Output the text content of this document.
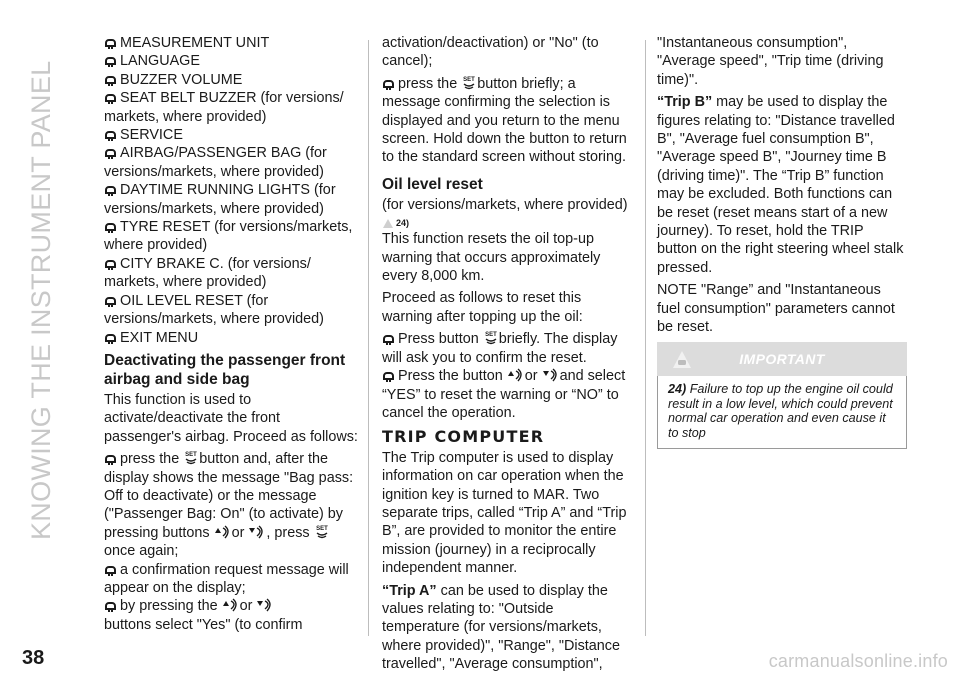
KNOWING THE INSTRUMENT PANEL
MEASUREMENT UNIT
LANGUAGE
BUZZER VOLUME
SEAT BELT BUZZER (for versions/ markets, where provided)
SERVICE
AIRBAG/PASSENGER BAG (for versions/markets, where provided)
DAYTIME RUNNING LIGHTS (for versions/markets, where provided)
TYRE RESET (for versions/markets, where provided)
CITY BRAKE C. (for versions/ markets, where provided)
OIL LEVEL RESET (for versions/markets, where provided)
EXIT MENU
Deactivating the passenger front airbag and side bag

This function is used to activate/deactivate the front passenger's airbag. Proceed as follows:

press the SET button and, after the display shows the message "Bag pass: Off to deactivate) or the message ("Passenger Bag: On" (to activate) by pressing buttons or , press SET
once again;
a confirmation request message will appear on the display;
by pressing the or
buttons select "Yes" (to confirm

activation/deactivation) or "No" (to cancel);

press the SET button briefly; a message confirming the selection is displayed and you return to the menu screen. Hold down the button to return to the standard screen without storing.
Oil level reset

(for versions/markets, where provided)

$^{24)}$

This function resets the oil top-up warning that occurs approximately every 8,000 km.

Proceed as follows to reset this warning after topping up the oil:

Press button SET briefly. The display will ask you to confirm the reset.
Press the button or and select “YES” to reset the warning or “NO” to cancel the operation.
TRIP COMPUTER

The Trip computer is used to display information on car operation when the ignition key is turned to MAR. Two separate trips, called “Trip A” and “Trip B”, are provided to monitor the entire mission (journey) in a reciprocally independent manner.

“Trip A” can be used to display the values relating to: "Outside temperature (for versions/markets, where provided)", "Range", "Distance travelled", "Average consumption",

"Instantaneous consumption", "Average speed", "Trip time (driving time)".

“Trip B” may be used to display the figures relating to: "Distance travelled B", "Average fuel consumption B", "Average speed B", "Journey time B (driving time)". The “Trip B” function may be excluded. Both functions can be reset (reset means start of a new journey). To reset, hold the TRIP button on the right steering wheel stalk pressed.

NOTE "Range” and "Instantaneous fuel consumption" parameters cannot be reset.

IMPORTANT
24) Failure to top up the engine oil could result in a low level, which could prevent normal car operation and even cause it to stop
38	carmanualsonline.info
